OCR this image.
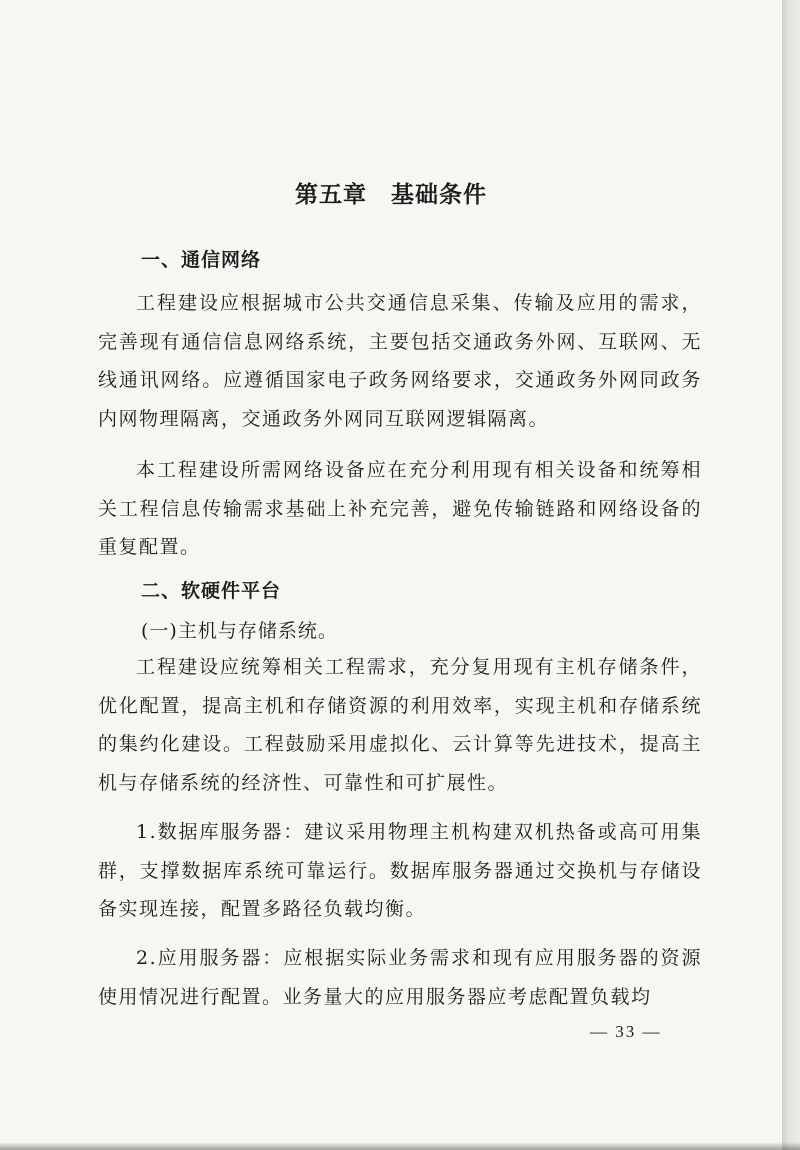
第五章　基础条件
一、通信网络

工程建设应根据城市公共交通信息采集、传输及应用的需求，完善现有通信信息网络系统，主要包括交通政务外网、互联网、无线通讯网络。应遵循国家电子政务网络要求，交通政务外网同政务内网物理隔离，交通政务外网同互联网逻辑隔离。

本工程建设所需网络设备应在充分利用现有相关设备和统筹相关工程信息传输需求基础上补充完善，避免传输链路和网络设备的重复配置。

二、软硬件平台
(一)主机与存储系统。

工程建设应统筹相关工程需求，充分复用现有主机存储条件，优化配置，提高主机和存储资源的利用效率，实现主机和存储系统的集约化建设。工程鼓励采用虚拟化、云计算等先进技术，提高主机与存储系统的经济性、可靠性和可扩展性。

1.数据库服务器：建议采用物理主机构建双机热备或高可用集群，支撑数据库系统可靠运行。数据库服务器通过交换机与存储设备实现连接，配置多路径负载均衡。

2.应用服务器：应根据实际业务需求和现有应用服务器的资源使用情况进行配置。业务量大的应用服务器应考虑配置负载均

— 33 —
